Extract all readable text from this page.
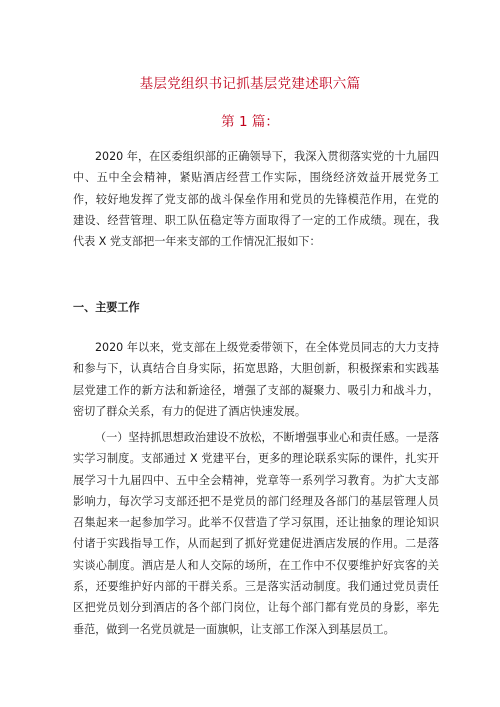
基层党组织书记抓基层党建述职六篇
第 1 篇：

2020 年，在区委组织部的正确领导下，我深入贯彻落实党的十九届四中、五中全会精神，紧贴酒店经营工作实际，围绕经济效益开展党务工作，较好地发挥了党支部的战斗保垒作用和党员的先锋模范作用，在党的建设、经营管理、职工队伍稳定等方面取得了一定的工作成绩。现在，我代表 X 党支部把一年来支部的工作情况汇报如下：

一、主要工作

2020 年以来，党支部在上级党委带领下，在全体党员同志的大力支持和参与下，认真结合自身实际，拓宽思路，大胆创新，积极探索和实践基层党建工作的新方法和新途径，增强了支部的凝聚力、吸引力和战斗力，密切了群众关系，有力的促进了酒店快速发展。

（一）坚持抓思想政治建设不放松，不断增强事业心和责任感。一是落实学习制度。支部通过 X 党建平台，更多的理论联系实际的课件，扎实开展学习十九届四中、五中全会精神，党章等一系列学习教育。为扩大支部影响力，每次学习支部还把不是党员的部门经理及各部门的基层管理人员召集起来一起参加学习。此举不仅营造了学习氛围，还让抽象的理论知识付诸于实践指导工作，从而起到了抓好党建促进酒店发展的作用。二是落实谈心制度。酒店是人和人交际的场所，在工作中不仅要维护好宾客的关系，还要维护好内部的干群关系。三是落实活动制度。我们通过党员责任区把党员划分到酒店的各个部门岗位，让每个部门都有党员的身影，率先垂范，做到一名党员就是一面旗帜，让支部工作深入到基层员工。
